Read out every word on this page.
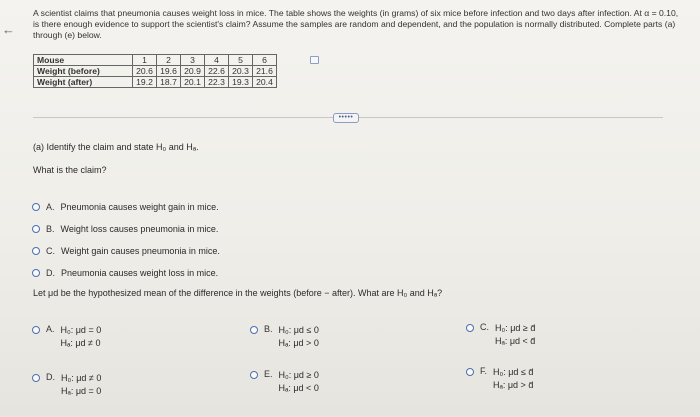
←
A scientist claims that pneumonia causes weight loss in mice. The table shows the weights (in grams) of six mice before infection and two days after infection. At α = 0.10, is there enough evidence to support the scientist's claim? Assume the samples are random and dependent, and the population is normally distributed. Complete parts (a) through (e) below.
Mouse	1	2	3	4	5	6
Weight (before)	20.6	19.6	20.9	22.6	20.3	21.6
Weight (after)	19.2	18.7	20.1	22.3	19.3	20.4
•••••
(a) Identify the claim and state H₀ and Hₐ.
What is the claim?
A. Pneumonia causes weight gain in mice.
B. Weight loss causes pneumonia in mice.
C. Weight gain causes pneumonia in mice.
D. Pneumonia causes weight loss in mice.
Let μd be the hypothesized mean of the difference in the weights (before − after). What are H₀ and Hₐ?
A. H₀: μd = 0
Hₐ: μd ≠ 0
B. H₀: μd ≤ 0
Hₐ: μd > 0
C. H₀: μd ≥ d̄
Hₐ: μd < d̄
D. H₀: μd ≠ 0
Hₐ: μd = 0
E. H₀: μd ≥ 0
Hₐ: μd < 0
F. H₀: μd ≤ d̄
Hₐ: μd > d̄
